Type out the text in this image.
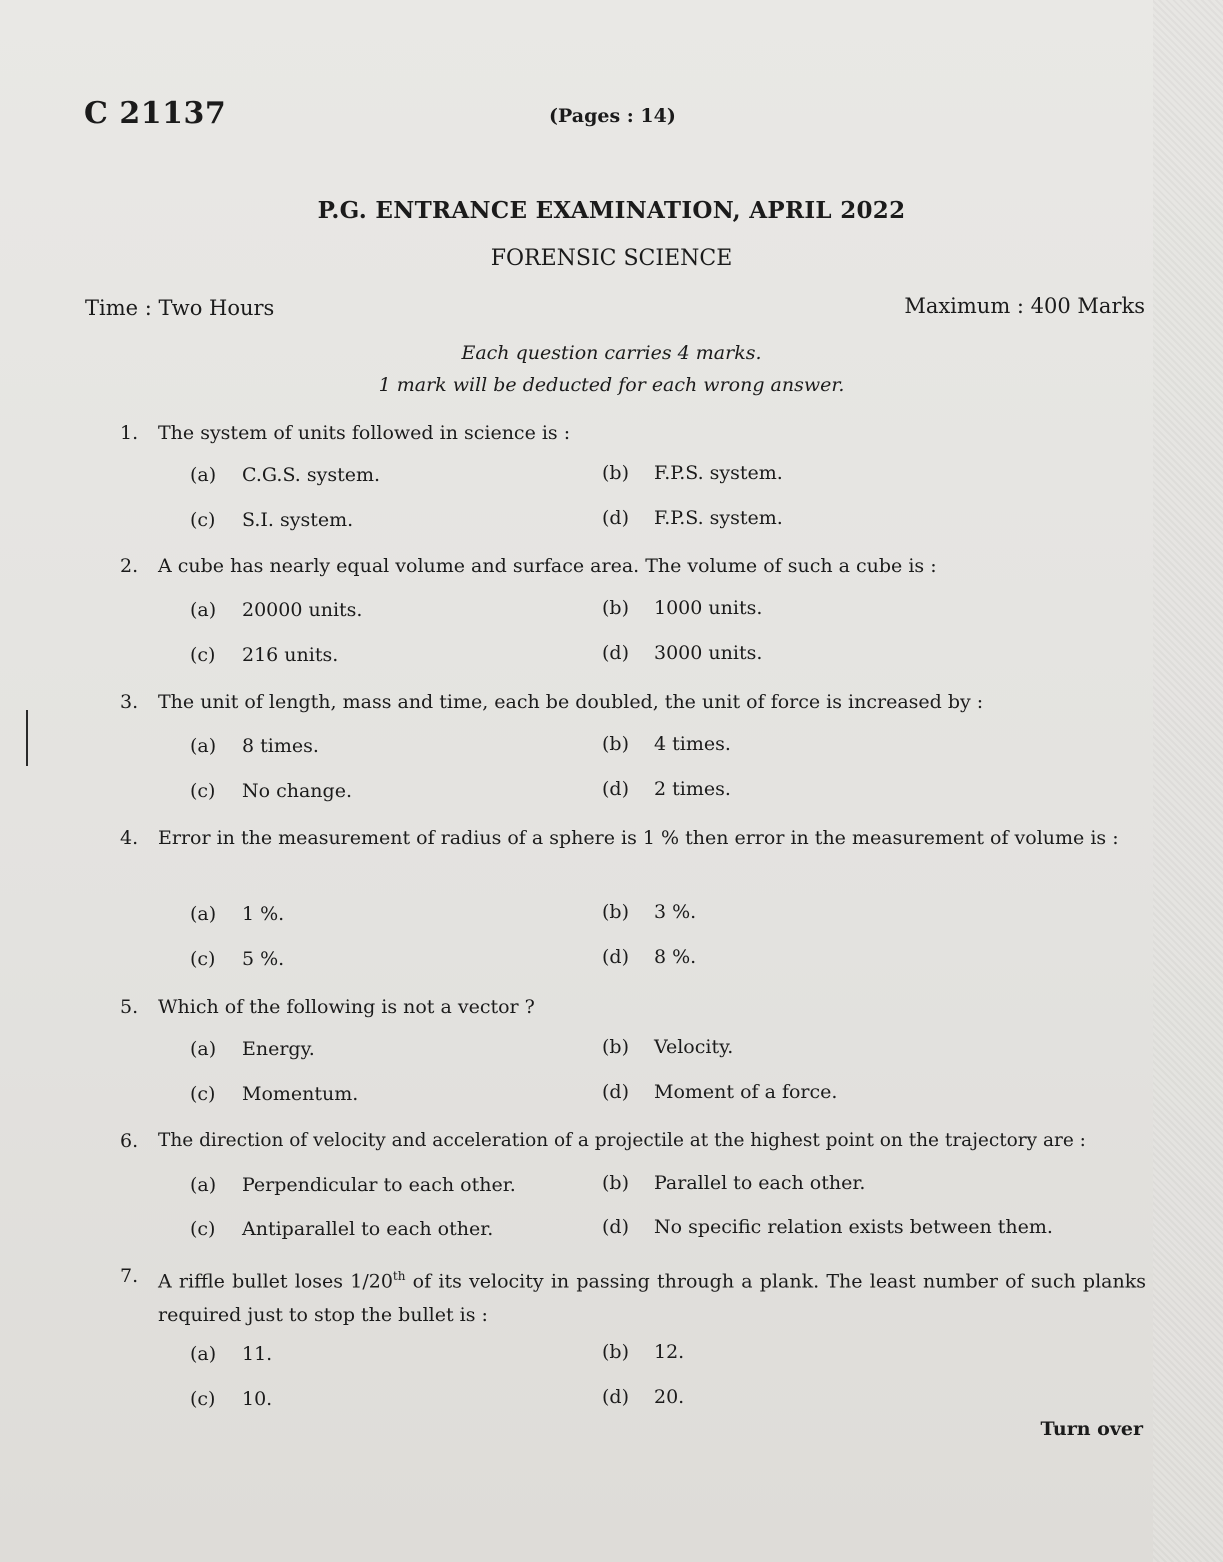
C 21137	(Pages : 14)
P.G. ENTRANCE EXAMINATION, APRIL 2022
FORENSIC SCIENCE
Time : Two Hours	Maximum : 400 Marks
Each question carries 4 marks.
1 mark will be deducted for each wrong answer.
1.	The system of units followed in science is :
(a) C.G.S. system.	(b) F.P.S. system.
(c) S.I. system.	(d) F.P.S. system.
2.	A cube has nearly equal volume and surface area. The volume of such a cube is :
(a) 20000 units.	(b) 1000 units.
(c) 216 units.	(d) 3000 units.
3.	The unit of length, mass and time, each be doubled, the unit of force is increased by :
(a) 8 times.	(b) 4 times.
(c) No change.	(d) 2 times.
4.	Error in the measurement of radius of a sphere is 1 % then error in the measurement of volume is :
(a) 1 %.	(b) 3 %.
(c) 5 %.	(d) 8 %.
5.	Which of the following is not a vector ?
(a) Energy.	(b) Velocity.
(c) Momentum.	(d) Moment of a force.
6.	The direction of velocity and acceleration of a projectile at the highest point on the trajectory are :
(a) Perpendicular to each other.	(b) Parallel to each other.
(c) Antiparallel to each other.	(d) No specific relation exists between them.
7.	A riffle bullet loses 1/20th of its velocity in passing through a plank. The least number of such planks required just to stop the bullet is :
(a) 11.	(b) 12.
(c) 10.	(d) 20.
Turn over
